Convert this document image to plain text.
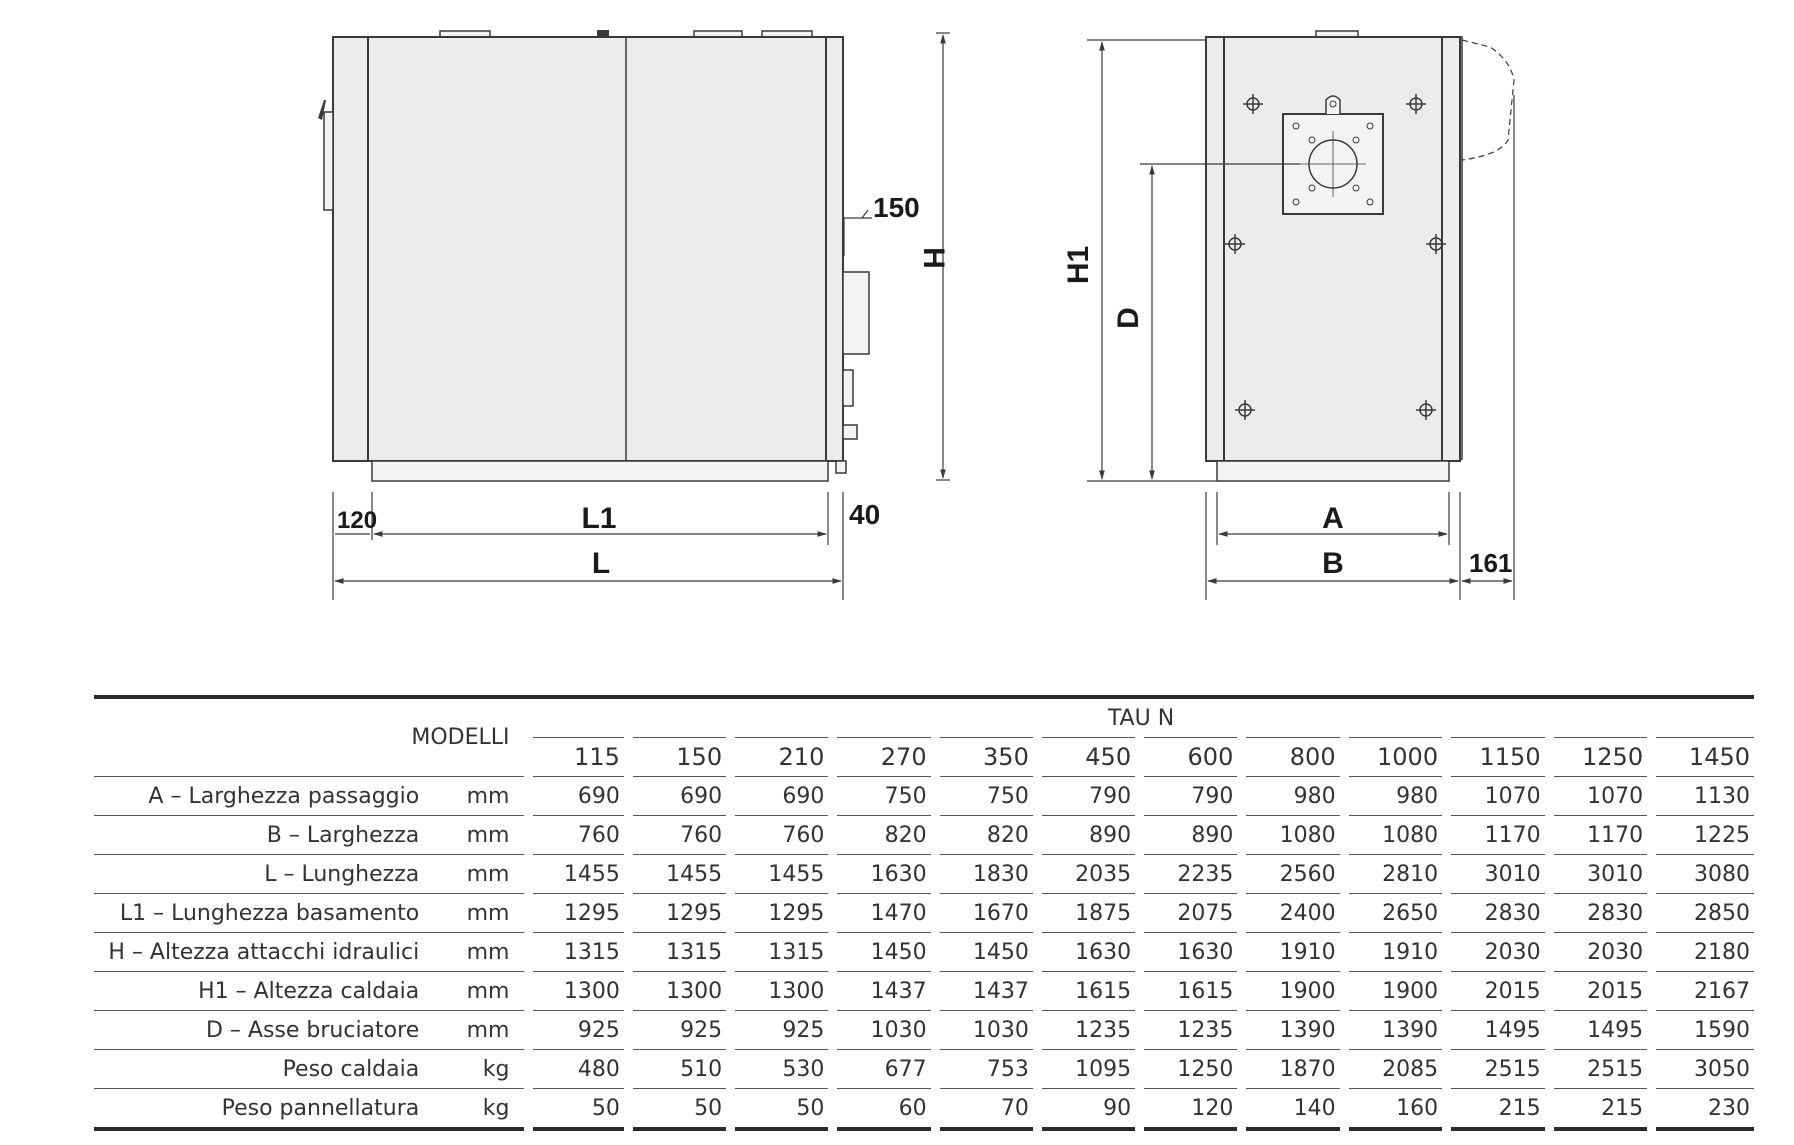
150
H
120	L1	40
L
H1
D
A
B	161

MODELLI		TAU N											
		115	150	210	270	350	450	600	800	1000	1150	1250	1450
A – Larghezza passaggio	mm	690	690	690	750	750	790	790	980	980	1070	1070	1130
B – Larghezza	mm	760	760	760	820	820	890	890	1080	1080	1170	1170	1225
L – Lunghezza	mm	1455	1455	1455	1630	1830	2035	2235	2560	2810	3010	3010	3080
L1 – Lunghezza basamento	mm	1295	1295	1295	1470	1670	1875	2075	2400	2650	2830	2830	2850
H – Altezza attacchi idraulici	mm	1315	1315	1315	1450	1450	1630	1630	1910	1910	2030	2030	2180
H1 – Altezza caldaia	mm	1300	1300	1300	1437	1437	1615	1615	1900	1900	2015	2015	2167
D – Asse bruciatore	mm	925	925	925	1030	1030	1235	1235	1390	1390	1495	1495	1590
Peso caldaia	kg	480	510	530	677	753	1095	1250	1870	2085	2515	2515	3050
Peso pannellatura	kg	50	50	50	60	70	90	120	140	160	215	215	230
